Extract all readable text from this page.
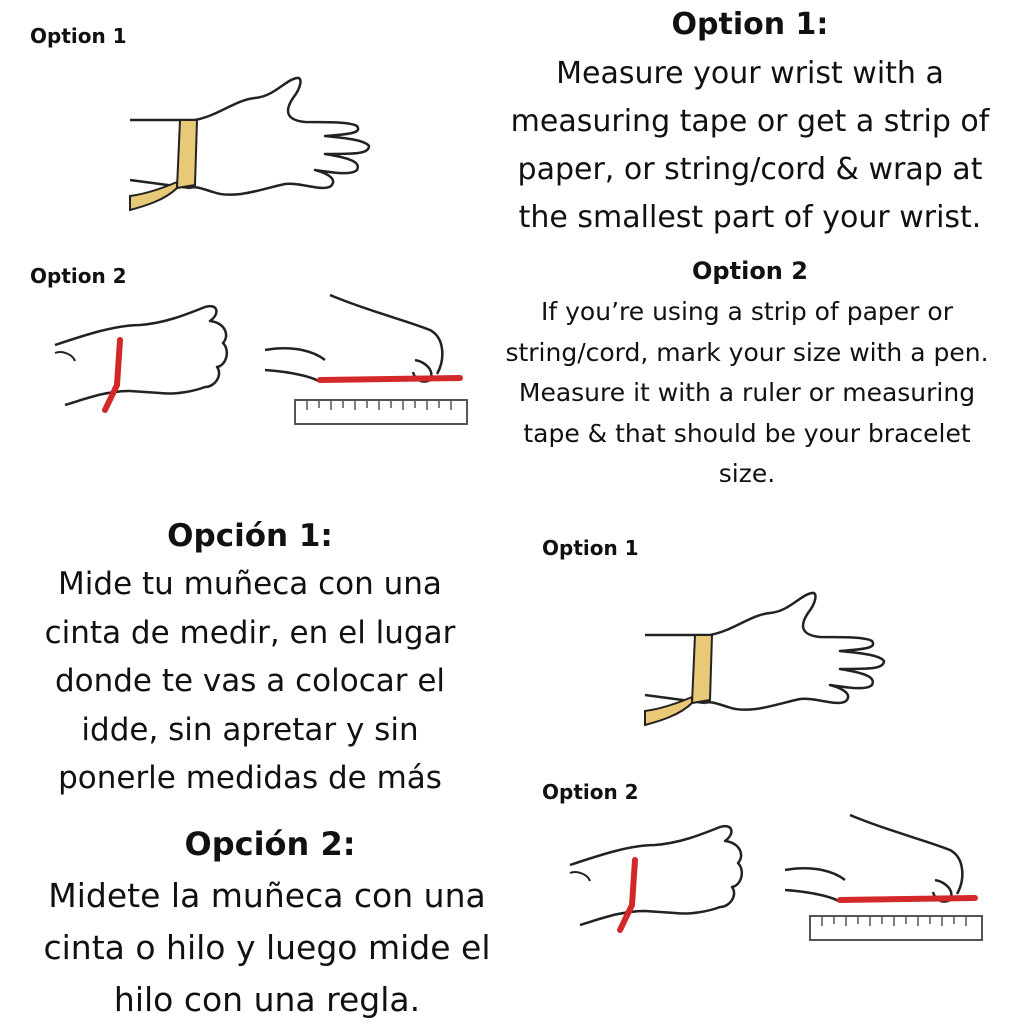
Option 1
Option 2
Option 1:

Measure your wrist with a

measuring tape or get a strip of

paper, or string/cord & wrap at

the smallest part of your wrist.

Option 2

If you’re using a strip of paper or

string/cord, mark your size with a pen.

Measure it with a ruler or measuring

tape & that should be your bracelet

size.

Opción 1:

Mide tu muñeca con una

cinta de medir, en el lugar

donde te vas a colocar el

idde, sin apretar y sin

ponerle medidas de más

Opción 2:

Midete la muñeca con una

cinta o hilo y luego mide el

hilo con una regla.

Option 1
Option 2
